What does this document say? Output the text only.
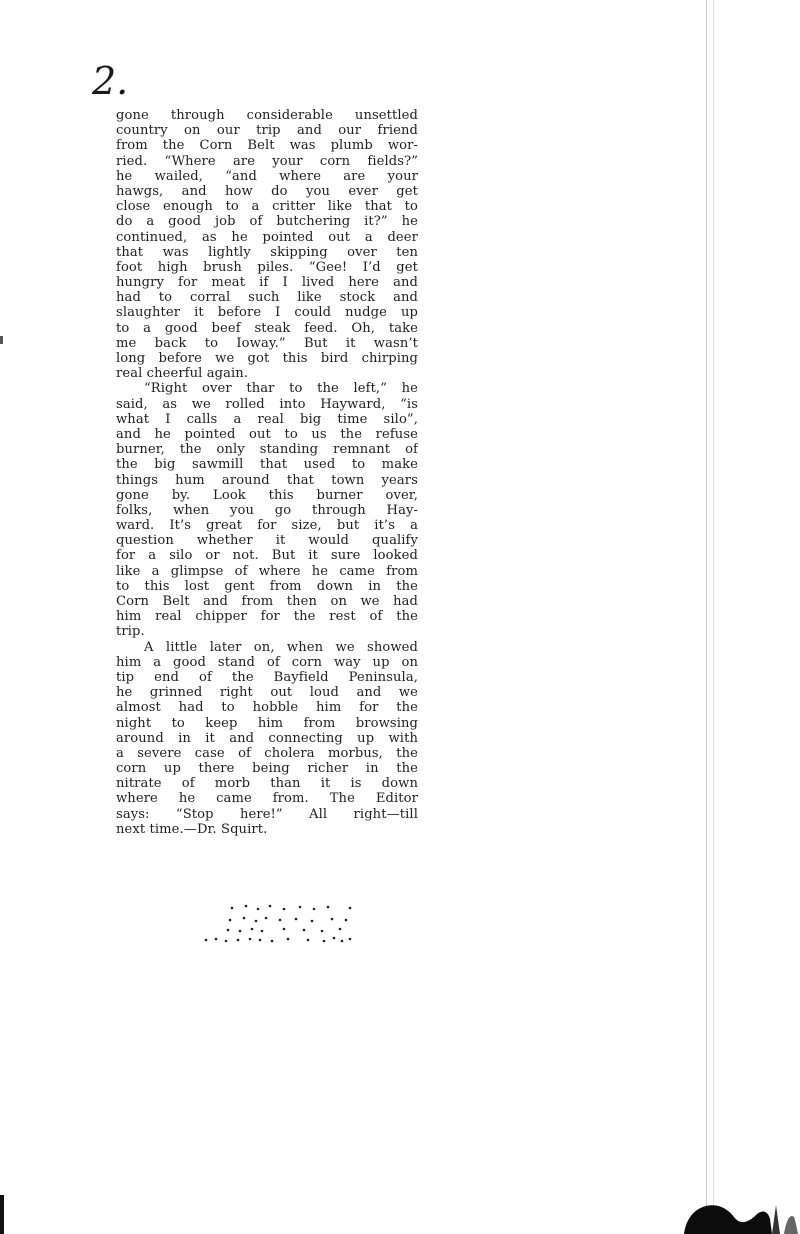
2.
gone through considerable unsettled
country on our trip and our friend
from the Corn Belt was plumb wor-
ried. “Where are your corn fields?”
he wailed, “and where are your
hawgs, and how do you ever get
close enough to a critter like that to
do a good job of butchering it?” he
continued, as he pointed out a deer
that was lightly skipping over ten
foot high brush piles. “Gee! I’d get
hungry for meat if I lived here and
had to corral such like stock and
slaughter it before I could nudge up
to a good beef steak feed. Oh, take
me back to Ioway.” But it wasn’t
long before we got this bird chirping
real cheerful again.
“Right over thar to the left,” he
said, as we rolled into Hayward, “is
what I calls a real big time silo”,
and he pointed out to us the refuse
burner, the only standing remnant of
the big sawmill that used to make
things hum around that town years
gone by. Look this burner over,
folks, when you go through Hay-
ward. It’s great for size, but it’s a
question whether it would qualify
for a silo or not. But it sure looked
like a glimpse of where he came from
to this lost gent from down in the
Corn Belt and from then on we had
him real chipper for the rest of the
trip.
A little later on, when we showed
him a good stand of corn way up on
tip end of the Bayfield Peninsula,
he grinned right out loud and we
almost had to hobble him for the
night to keep him from browsing
around in it and connecting up with
a severe case of cholera morbus, the
corn up there being richer in the
nitrate of morb than it is down
where he came from. The Editor
says: “Stop here!” All right—till
next time.—Dr. Squirt.
